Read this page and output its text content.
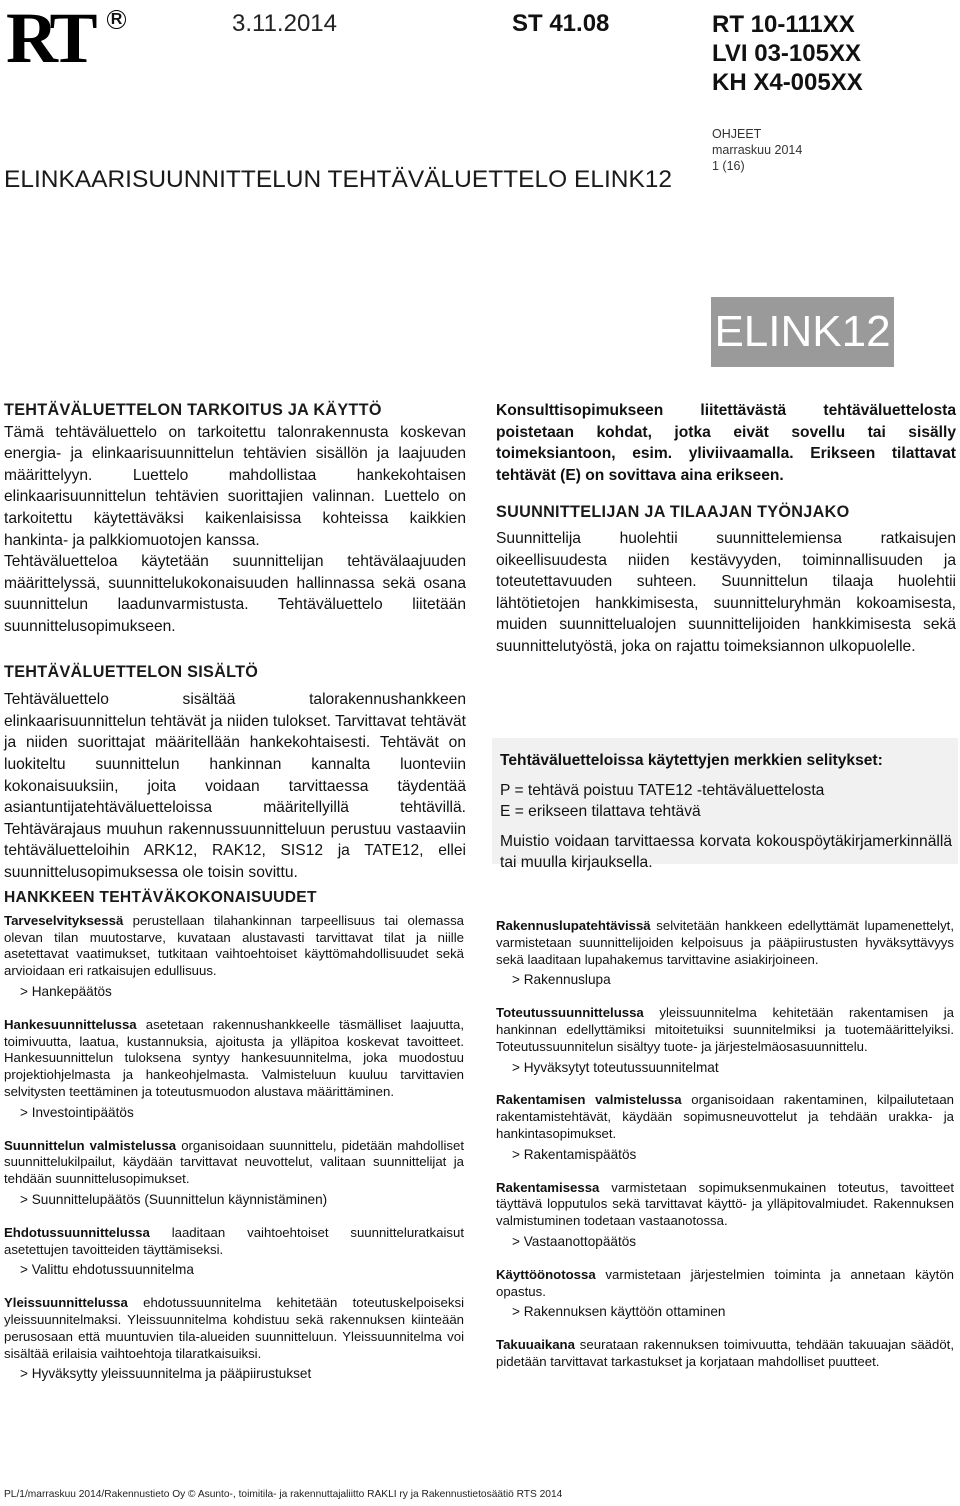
RT R	3.11.2014	ST 41.08	RT 10-111XX
LVI 03-105XX
KH X4-005XX
OHJEET
marraskuu 2014
1 (16)
ELINKAARISUUNNITTELUN TEHTÄVÄLUETTELO ELINK12
ELINK12
TEHTÄVÄLUETTELON TARKOITUS JA KÄYTTÖ

Tämä tehtäväluettelo on tarkoitettu talonrakennusta koskevan energia- ja elinkaarisuunnittelun tehtävien sisällön ja laajuuden määrittelyyn. Luettelo mahdollistaa hankekohtaisen elinkaarisuunnittelun tehtävien suorittajien valinnan. Luettelo on tarkoitettu käytettäväksi kaikenlaisissa kohteissa kaikkien hankinta- ja palkkiomuotojen kanssa.

Tehtäväluetteloa käytetään suunnittelijan tehtävälaajuuden määrittelyssä, suunnittelukokonaisuuden hallinnassa sekä osana suunnittelun laadunvarmistusta. Tehtäväluettelo liitetään suunnittelusopimukseen.

TEHTÄVÄLUETTELON SISÄLTÖ

Tehtäväluettelo sisältää talorakennushankkeen elinkaarisuunnittelun tehtävät ja niiden tulokset. Tarvittavat tehtävät ja niiden suorittajat määritellään hankekohtaisesti. Tehtävät on luokiteltu suunnittelun hankinnan kannalta luonteviin kokonaisuuksiin, joita voidaan tarvittaessa täydentää asiantuntijatehtäväluetteloissa määritellyillä tehtävillä. Tehtävärajaus muuhun rakennussuunnitteluun perustuu vastaaviin tehtäväluetteloihin ARK12, RAK12, SIS12 ja TATE12, ellei suunnittelusopimuksessa ole toisin sovittu.

Konsulttisopimukseen liitettävästä tehtäväluettelosta poistetaan kohdat, jotka eivät sovellu tai sisälly toimeksiantoon, esim. yliviivaamalla. Erikseen tilattavat tehtävät (E) on sovittava aina erikseen.

SUUNNITTELIJAN JA TILAAJAN TYÖNJAKO

Suunnittelija huolehtii suunnittelemiensa ratkaisujen oikeellisuudesta niiden kestävyyden, toiminnallisuuden ja toteutettavuuden suhteen. Suunnittelun tilaaja huolehtii lähtötietojen hankkimisesta, suunnitteluryhmän kokoamisesta, muiden suunnittelualojen suunnittelijoiden hankkimisesta sekä suunnittelutyöstä, joka on rajattu toimeksiannon ulkopuolelle.

Tehtäväluetteloissa käytettyjen merkkien selitykset:

P = tehtävä poistuu TATE12 -tehtäväluettelosta

E = erikseen tilattava tehtävä

Muistio voidaan tarvittaessa korvata kokouspöytäkirjamerkinnällä tai muulla kirjauksella.

HANKKEEN TEHTÄVÄKOKONAISUUDET

Tarveselvityksessä perustellaan tilahankinnan tarpeellisuus tai olemassa olevan tilan muutostarve, kuvataan alustavasti tarvittavat tilat ja niille asetettavat vaatimukset, tutkitaan vaihtoehtoiset käyttömahdollisuudet sekä arvioidaan eri ratkaisujen edullisuus.

> Hankepäätös

Hankesuunnittelussa asetetaan rakennushankkeelle täsmälliset laajuutta, toimivuutta, laatua, kustannuksia, ajoitusta ja ylläpitoa koskevat tavoitteet. Hankesuunnittelun tuloksena syntyy hankesuunnitelma, joka muodostuu projektiohjelmasta ja hankeohjelmasta. Valmisteluun kuuluu tarvittavien selvitysten teettäminen ja toteutusmuodon alustava määrittäminen.

> Investointipäätös

Suunnittelun valmistelussa organisoidaan suunnittelu, pidetään mahdolliset suunnittelukilpailut, käydään tarvittavat neuvottelut, valitaan suunnittelijat ja tehdään suunnittelusopimukset.

> Suunnittelupäätös (Suunnittelun käynnistäminen)

Ehdotussuunnittelussa laaditaan vaihtoehtoiset suunnitteluratkaisut asetettujen tavoitteiden täyttämiseksi.

> Valittu ehdotussuunnitelma

Yleissuunnittelussa ehdotussuunnitelma kehitetään toteutuskelpoiseksi yleissuunnitelmaksi. Yleissuunnitelma kohdistuu sekä rakennuksen kiinteään perusosaan että muuntuvien tila-alueiden suunnitteluun. Yleissuunnitelma voi sisältää erilaisia vaihtoehtoja tilaratkaisuiksi.

> Hyväksytty yleissuunnitelma ja pääpiirustukset

Rakennuslupatehtävissä selvitetään hankkeen edellyttämät lupamenettelyt, varmistetaan suunnittelijoiden kelpoisuus ja pääpiirustusten hyväksyttävyys sekä laaditaan lupahakemus tarvittavine asiakirjoineen.

> Rakennuslupa

Toteutussuunnittelussa yleissuunnitelma kehitetään rakentamisen ja hankinnan edellyttämiksi mitoitetuiksi suunnitelmiksi ja tuotemäärittelyiksi. Toteutussuunnitelun sisältyy tuote- ja järjestelmäosasuunnittelu.

> Hyväksytyt toteutussuunnitelmat

Rakentamisen valmistelussa organisoidaan rakentaminen, kilpailutetaan rakentamistehtävät, käydään sopimusneuvottelut ja tehdään urakka- ja hankintasopimukset.

> Rakentamispäätös

Rakentamisessa varmistetaan sopimuksenmukainen toteutus, tavoitteet täyttävä lopputulos sekä tarvittavat käyttö- ja ylläpitovalmiudet. Rakennuksen valmistuminen todetaan vastaanotossa.

> Vastaanottopäätös

Käyttöönotossa varmistetaan järjestelmien toiminta ja annetaan käytön opastus.

> Rakennuksen käyttöön ottaminen

Takuuaikana seurataan rakennuksen toimivuutta, tehdään takuuajan säädöt, pidetään tarvittavat tarkastukset ja korjataan mahdolliset puutteet.

PL/1/marraskuu 2014/Rakennustieto Oy © Asunto-, toimitila- ja rakennuttajaliitto RAKLI ry ja Rakennustietosäätiö RTS 2014
